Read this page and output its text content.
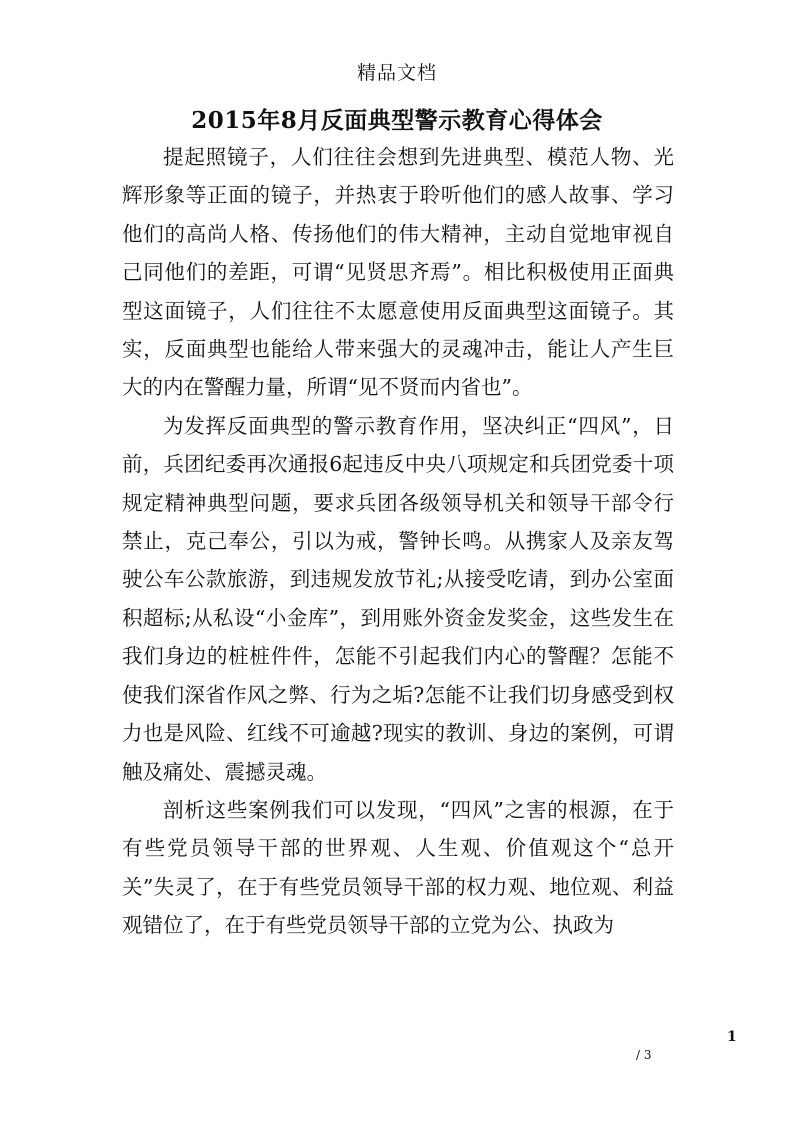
精品文档
2015年8月反面典型警示教育心得体会

提起照镜子，人们往往会想到先进典型、模范人物、光辉形象等正面的镜子，并热衷于聆听他们的感人故事、学习他们的高尚人格、传扬他们的伟大精神，主动自觉地审视自己同他们的差距，可谓“见贤思齐焉”。相比积极使用正面典型这面镜子，人们往往不太愿意使用反面典型这面镜子。其实，反面典型也能给人带来强大的灵魂冲击，能让人产生巨大的内在警醒力量，所谓“见不贤而内省也”。

为发挥反面典型的警示教育作用，坚决纠正“四风”，日前，兵团纪委再次通报6起违反中央八项规定和兵团党委十项规定精神典型问题，要求兵团各级领导机关和领导干部令行禁止，克己奉公，引以为戒，警钟长鸣。从携家人及亲友驾驶公车公款旅游，到违规发放节礼;从接受吃请，到办公室面积超标;从私设“小金库”，到用账外资金发奖金，这些发生在我们身边的桩桩件件，怎能不引起我们内心的警醒？怎能不使我们深省作风之弊、行为之垢?怎能不让我们切身感受到权力也是风险、红线不可逾越?现实的教训、身边的案例，可谓触及痛处、震撼灵魂。

剖析这些案例我们可以发现，“四风”之害的根源，在于有些党员领导干部的世界观、人生观、价值观这个“总开关”失灵了，在于有些党员领导干部的权力观、地位观、利益观错位了，在于有些党员领导干部的立党为公、执政为

1
/ 3
